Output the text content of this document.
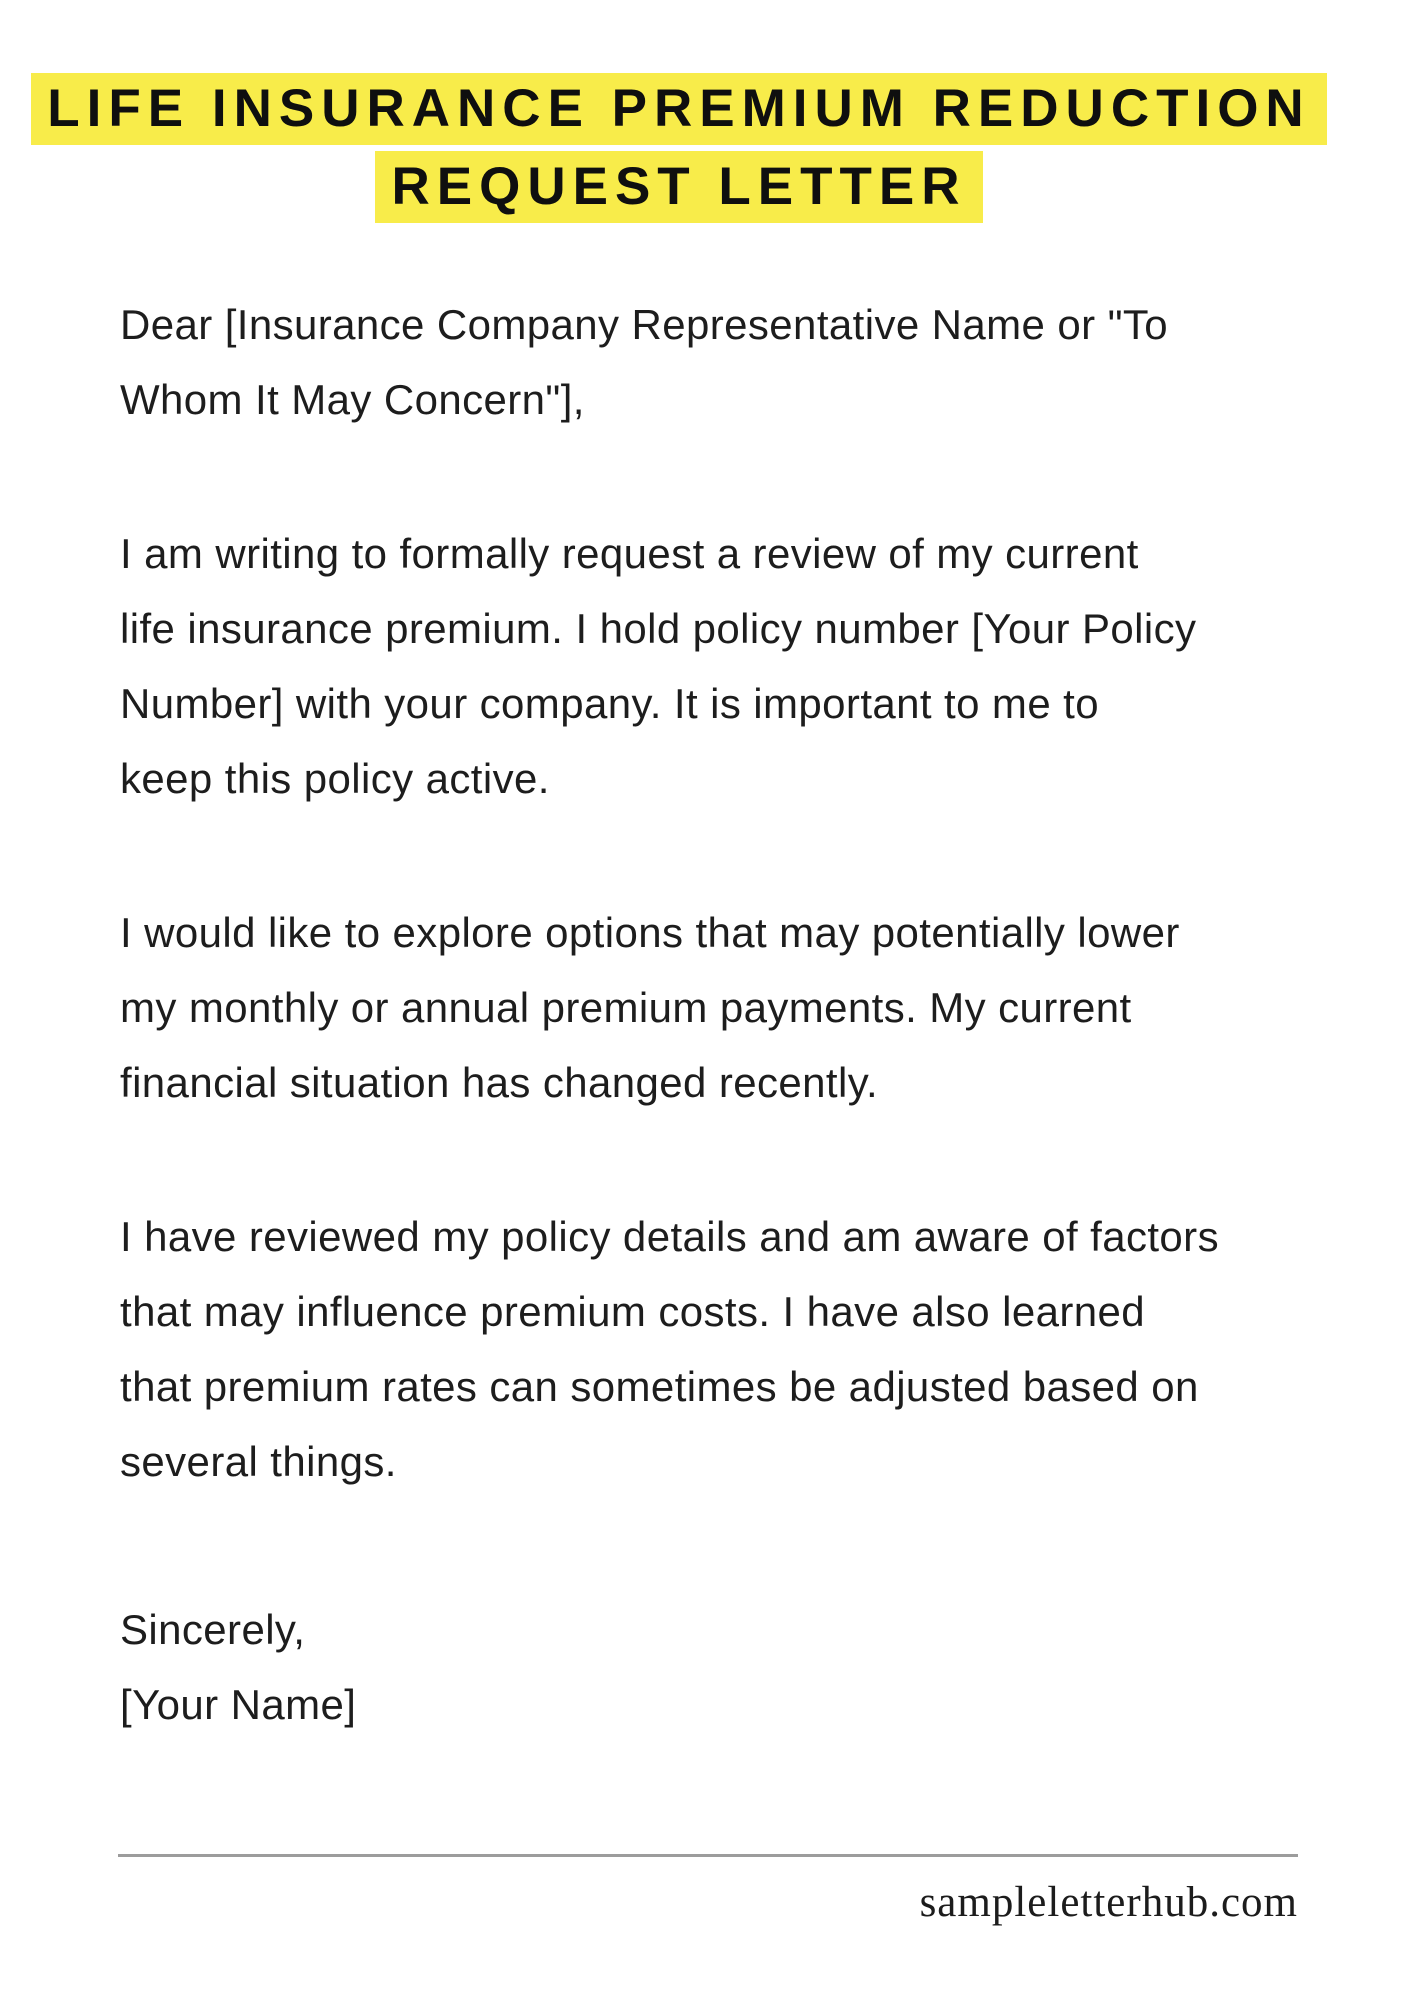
LIFE INSURANCE PREMIUM REDUCTION
REQUEST LETTER
Dear [Insurance Company Representative Name or "To
Whom It May Concern"],
I am writing to formally request a review of my current
life insurance premium. I hold policy number [Your Policy
Number] with your company. It is important to me to
keep this policy active.
I would like to explore options that may potentially lower
my monthly or annual premium payments. My current
financial situation has changed recently.
I have reviewed my policy details and am aware of factors
that may influence premium costs. I have also learned
that premium rates can sometimes be adjusted based on
several things.
Sincerely,
[Your Name]
sampleletterhub.com
